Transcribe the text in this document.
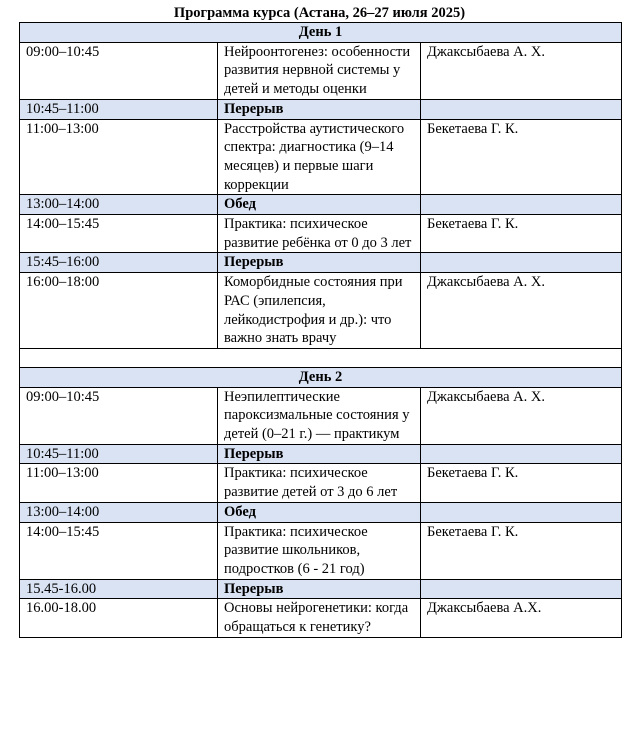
Программа курса (Астана, 26–27 июля 2025)
День 1		
09:00–10:45	Нейроонтогенез: особенности развития нервной системы у детей и методы оценки	Джаксыбаева А. Х.
10:45–11:00	Перерыв	
11:00–13:00	Расстройства аутистического спектра: диагностика (9–14 месяцев) и первые шаги коррекции	Бекетаева Г. К.
13:00–14:00	Обед	
14:00–15:45	Практика: психическое развитие ребёнка от 0 до 3 лет	Бекетаева Г. К.
15:45–16:00	Перерыв	
16:00–18:00	Коморбидные состояния при РАС (эпилепсия, лейкодистрофия и др.): что важно знать врачу	Джаксыбаева А. Х.

День 2		
09:00–10:45	Неэпилептические пароксизмальные состояния у детей (0–21 г.) — практикум	Джаксыбаева А. Х.
10:45–11:00	Перерыв	
11:00–13:00	Практика: психическое развитие детей от 3 до 6 лет	Бекетаева Г. К.
13:00–14:00	Обед	
14:00–15:45	Практика: психическое развитие школьников, подростков (6 - 21 год)	Бекетаева Г. К.
15.45-16.00	Перерыв	
16.00-18.00	Основы нейрогенетики: когда обращаться к генетику?	Джаксыбаева А.Х.
